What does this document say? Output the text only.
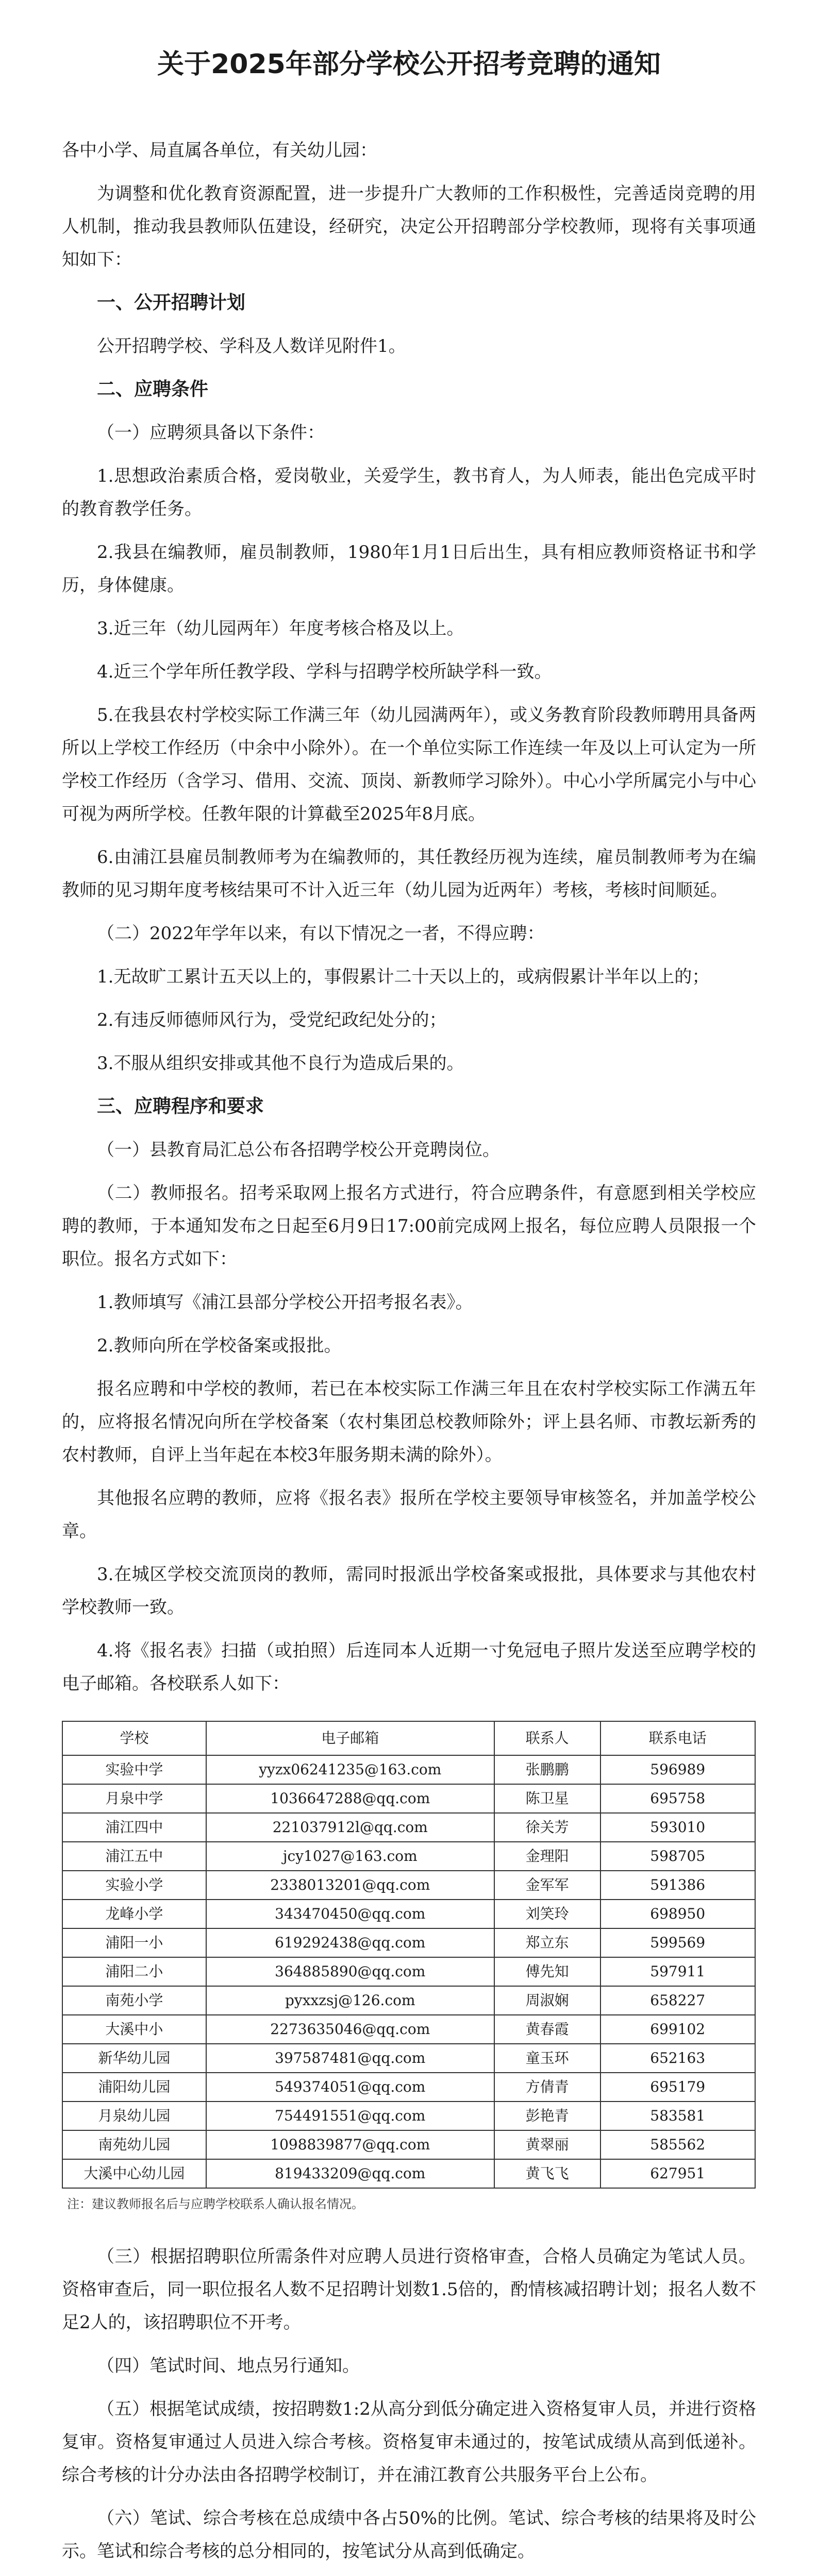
关于2025年部分学校公开招考竞聘的通知

各中小学、局直属各单位，有关幼儿园：

为调整和优化教育资源配置，进一步提升广大教师的工作积极性，完善适岗竞聘的用人机制，推动我县教师队伍建设，经研究，决定公开招聘部分学校教师，现将有关事项通知如下：

一、公开招聘计划

公开招聘学校、学科及人数详见附件1。

二、应聘条件
（一）应聘须具备以下条件：

1.思想政治素质合格，爱岗敬业，关爱学生，教书育人，为人师表，能出色完成平时的教育教学任务。

2.我县在编教师，雇员制教师，1980年1月1日后出生，具有相应教师资格证书和学历，身体健康。

3.近三年（幼儿园两年）年度考核合格及以上。

4.近三个学年所任教学段、学科与招聘学校所缺学科一致。

5.在我县农村学校实际工作满三年（幼儿园满两年），或义务教育阶段教师聘用具备两所以上学校工作经历（中余中小除外）。在一个单位实际工作连续一年及以上可认定为一所学校工作经历（含学习、借用、交流、顶岗、新教师学习除外）。中心小学所属完小与中心可视为两所学校。任教年限的计算截至2025年8月底。

6.由浦江县雇员制教师考为在编教师的，其任教经历视为连续，雇员制教师考为在编教师的见习期年度考核结果可不计入近三年（幼儿园为近两年）考核，考核时间顺延。

（二）2022年学年以来，有以下情况之一者，不得应聘：

1.无故旷工累计五天以上的，事假累计二十天以上的，或病假累计半年以上的；

2.有违反师德师风行为，受党纪政纪处分的；

3.不服从组织安排或其他不良行为造成后果的。

三、应聘程序和要求

（一）县教育局汇总公布各招聘学校公开竞聘岗位。

（二）教师报名。招考采取网上报名方式进行，符合应聘条件，有意愿到相关学校应聘的教师，于本通知发布之日起至6月9日17:00前完成网上报名，每位应聘人员限报一个职位。报名方式如下：

1.教师填写《浦江县部分学校公开招考报名表》。

2.教师向所在学校备案或报批。

报名应聘和中学校的教师，若已在本校实际工作满三年且在农村学校实际工作满五年的，应将报名情况向所在学校备案（农村集团总校教师除外；评上县名师、市教坛新秀的农村教师，自评上当年起在本校3年服务期未满的除外）。

其他报名应聘的教师，应将《报名表》报所在学校主要领导审核签名，并加盖学校公章。

3.在城区学校交流顶岗的教师，需同时报派出学校备案或报批，具体要求与其他农村学校教师一致。

4.将《报名表》扫描（或拍照）后连同本人近期一寸免冠电子照片发送至应聘学校的电子邮箱。各校联系人如下：

学校	电子邮箱	联系人	联系电话
实验中学	yyzx06241235@163.com	张鹏鹏	596989
月泉中学	1036647288@qq.com	陈卫星	695758
浦江四中	221037912l@qq.com	徐关芳	593010
浦江五中	jcy1027@163.com	金理阳	598705
实验小学	2338013201@qq.com	金军军	591386
龙峰小学	343470450@qq.com	刘笑玲	698950
浦阳一小	619292438@qq.com	郑立东	599569
浦阳二小	364885890@qq.com	傅先知	597911
南苑小学	pyxxzsj@126.com	周淑娴	658227
大溪中小	2273635046@qq.com	黄春霞	699102
新华幼儿园	397587481@qq.com	童玉环	652163
浦阳幼儿园	549374051@qq.com	方倩青	695179
月泉幼儿园	754491551@qq.com	彭艳青	583581
南苑幼儿园	1098839877@qq.com	黄翠丽	585562
大溪中心幼儿园	819433209@qq.com	黄飞飞	627951
注：建议教师报名后与应聘学校联系人确认报名情况。

（三）根据招聘职位所需条件对应聘人员进行资格审查，合格人员确定为笔试人员。资格审查后，同一职位报名人数不足招聘计划数1.5倍的，酌情核减招聘计划；报名人数不足2人的，该招聘职位不开考。

（四）笔试时间、地点另行通知。

（五）根据笔试成绩，按招聘数1:2从高分到低分确定进入资格复审人员，并进行资格复审。资格复审通过人员进入综合考核。资格复审未通过的，按笔试成绩从高到低递补。综合考核的计分办法由各招聘学校制订，并在浦江教育公共服务平台上公布。

（六）笔试、综合考核在总成绩中各占50%的比例。笔试、综合考核的结果将及时公示。笔试和综合考核的总分相同的，按笔试分从高到低确定。
